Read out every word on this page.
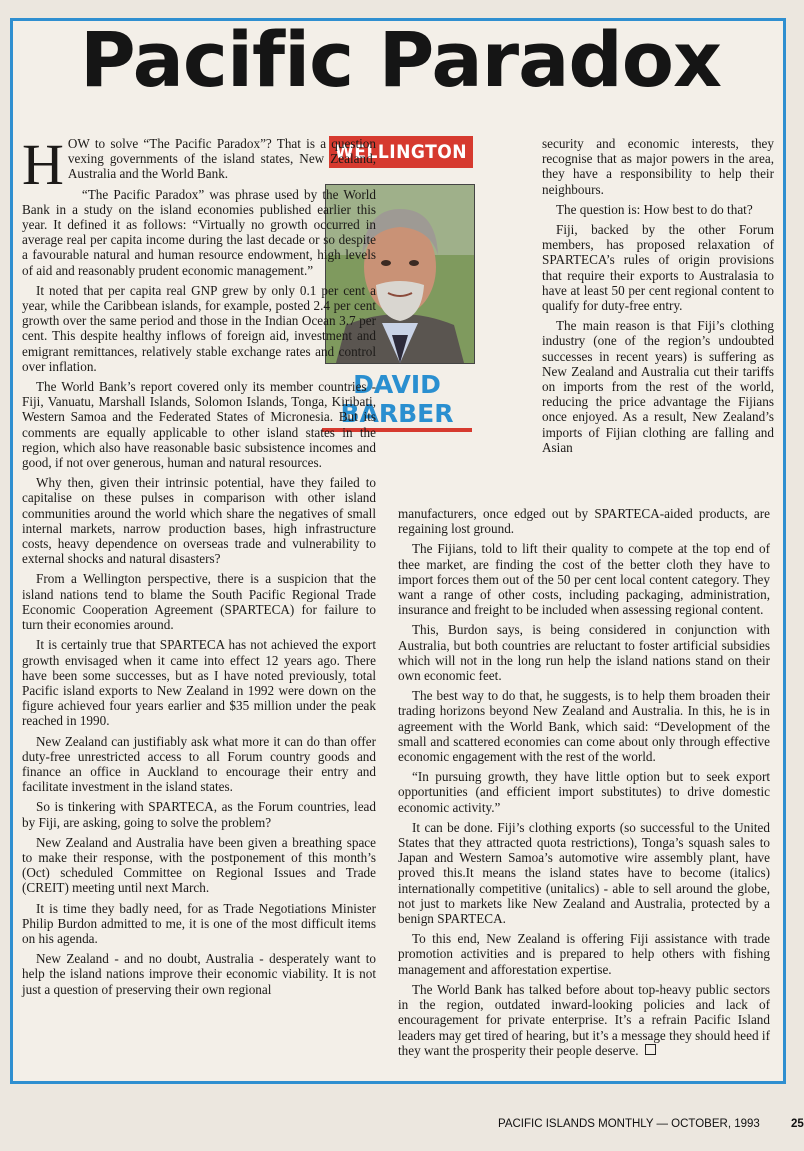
Pacific Paradox
WELLINGTON
DAVID
BARBER

HOW to solve “The Pacific Paradox”? That is a question vexing governments of the island states, New Zealand, Australia and the World Bank.

“The Pacific Paradox” was phrase used by the World Bank in a study on the island economies published earlier this year. It defined it as follows: “Virtually no growth occurred in average real per capita income during the last decade or so despite a favourable natural and human resource endowment, high levels of aid and reasonably prudent economic management.”

It noted that per capita real GNP grew by only 0.1 per cent a year, while the Caribbean islands, for example, posted 2.4 per cent growth over the same period and those in the Indian Ocean 3.7 per cent. This despite healthy inflows of foreign aid, investment and emigrant remittances, relatively stable exchange rates and control over inflation.

The World Bank’s report covered only its member countries - Fiji, Vanuatu, Marshall Islands, Solomon Islands, Tonga, Kiribati, Western Samoa and the Federated States of Micronesia. But its comments are equally applicable to other island states in the region, which also have reasonable basic subsistence incomes and good, if not over generous, human and natural resources.

Why then, given their intrinsic potential, have they failed to capitalise on these pulses in comparison with other island communities around the world which share the negatives of small internal markets, narrow production bases, high infrastructure costs, heavy dependence on overseas trade and vulnerability to external shocks and natural disasters?

From a Wellington perspective, there is a suspicion that the island nations tend to blame the South Pacific Regional Trade Economic Cooperation Agreement (SPARTECA) for failure to turn their economies around.

It is certainly true that SPARTECA has not achieved the export growth envisaged when it came into effect 12 years ago. There have been some successes, but as I have noted previously, total Pacific island exports to New Zealand in 1992 were down on the figure achieved four years earlier and $35 million under the peak reached in 1990.

New Zealand can justifiably ask what more it can do than offer duty-free unrestricted access to all Forum country goods and finance an office in Auckland to encourage their entry and facilitate investment in the island states.

So is tinkering with SPARTECA, as the Forum countries, lead by Fiji, are asking, going to solve the problem?

New Zealand and Australia have been given a breathing space to make their response, with the postponement of this month’s (Oct) scheduled Committee on Regional Issues and Trade (CREIT) meeting until next March.

It is time they badly need, for as Trade Negotiations Minister Philip Burdon admitted to me, it is one of the most difficult items on his agenda.

New Zealand - and no doubt, Australia - desperately want to help the island nations improve their economic viability. It is not just a question of preserving their own regional

security and economic interests, they recognise that as major powers in the area, they have a responsibility to help their neighbours.

The question is: How best to do that?

Fiji, backed by the other Forum members, has proposed relaxation of SPARTECA’s rules of origin provisions that require their exports to Australasia to have at least 50 per cent regional content to qualify for duty-free entry.

The main reason is that Fiji’s clothing industry (one of the region’s undoubted successes in recent years) is suffering as New Zealand and Australia cut their tariffs on imports from the rest of the world, reducing the price advantage the Fijians once enjoyed. As a result, New Zealand’s imports of Fijian clothing are falling and Asian

manufacturers, once edged out by SPARTECA-aided products, are regaining lost ground.

The Fijians, told to lift their quality to compete at the top end of thee market, are finding the cost of the better cloth they have to import forces them out of the 50 per cent local content category. They want a range of other costs, including packaging, administration, insurance and freight to be included when assessing regional content.

This, Burdon says, is being considered in conjunction with Australia, but both countries are reluctant to foster artificial subsidies which will not in the long run help the island nations stand on their own economic feet.

The best way to do that, he suggests, is to help them broaden their trading horizons beyond New Zealand and Australia. In this, he is in agreement with the World Bank, which said: “Development of the small and scattered economies can come about only through effective economic engagement with the rest of the world.

“In pursuing growth, they have little option but to seek export opportunities (and efficient import substitutes) to drive domestic economic activity.”

It can be done. Fiji’s clothing exports (so successful to the United States that they attracted quota restrictions), Tonga’s squash sales to Japan and Western Samoa’s automotive wire assembly plant, have proved this.It means the island states have to become (italics) internationally competitive (unitalics) - able to sell around the globe, not just to markets like New Zealand and Australia, protected by a benign SPARTECA.

To this end, New Zealand is offering Fiji assistance with trade promotion activities and is prepared to help others with fishing management and afforestation expertise.

The World Bank has talked before about top-heavy public sectors in the region, outdated inward-looking policies and lack of encouragement for private enterprise. It’s a refrain Pacific Island leaders may get tired of hearing, but it’s a message they should heed if they want the prosperity their people deserve.

PACIFIC ISLANDS MONTHLY — OCTOBER, 1993	25
